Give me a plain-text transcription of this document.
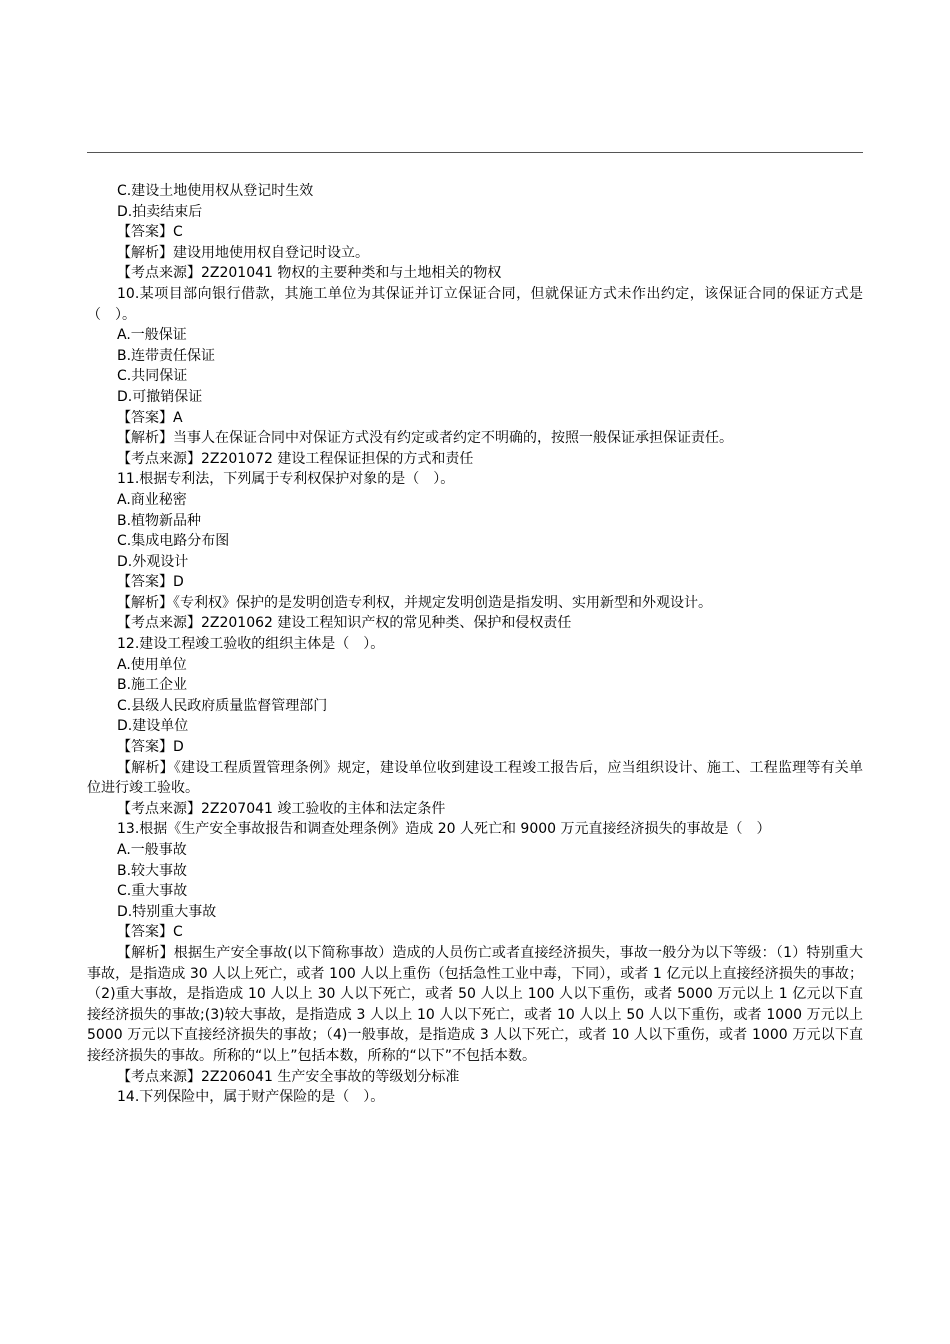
C.建设土地使用权从登记时生效
D.拍卖结束后
【答案】C
【解析】建设用地使用权自登记时设立。
【考点来源】2Z201041 物权的主要种类和与土地相关的物权
10.某项目部向银行借款，其施工单位为其保证并订立保证合同，但就保证方式未作出约定，该保证合同的保证方式是（　）。
A.一般保证
B.连带责任保证
C.共同保证
D.可撤销保证
【答案】A
【解析】当事人在保证合同中对保证方式没有约定或者约定不明确的，按照一般保证承担保证责任。
【考点来源】2Z201072 建设工程保证担保的方式和责任
11.根据专利法，下列属于专利权保护对象的是（　）。
A.商业秘密
B.植物新品种
C.集成电路分布图
D.外观设计
【答案】D
【解析】《专利权》保护的是发明创造专利权，并规定发明创造是指发明、实用新型和外观设计。
【考点来源】2Z201062 建设工程知识产权的常见种类、保护和侵权责任
12.建设工程竣工验收的组织主体是（　）。
A.使用单位
B.施工企业
C.县级人民政府质量监督管理部门
D.建设单位
【答案】D
【解析】《建设工程质置管理条例》规定，建设单位收到建设工程竣工报告后，应当组织设计、施工、工程监理等有关单位进行竣工验收。
【考点来源】2Z207041 竣工验收的主体和法定条件
13.根据《生产安全事故报告和调查处理条例》造成 20 人死亡和 9000 万元直接经济损失的事故是（　）
A.一般事故
B.较大事故
C.重大事故
D.特别重大事故
【答案】C
【解析】根据生产安全事故(以下简称事故）造成的人员伤亡或者直接经济损失，事故一般分为以下等级：（1）特别重大事故，是指造成 30 人以上死亡，或者 100 人以上重伤（包括急性工业中毒，下同），或者 1 亿元以上直接经济损失的事故；（2)重大事故，是指造成 10 人以上 30 人以下死亡，或者 50 人以上 100 人以下重伤，或者 5000 万元以上 1 亿元以下直接经济损失的事故;(3)较大事故，是指造成 3 人以上 10 人以下死亡，或者 10 人以上 50 人以下重伤，或者 1000 万元以上 5000 万元以下直接经济损失的事故；（4)一般事故，是指造成 3 人以下死亡，或者 10 人以下重伤，或者 1000 万元以下直接经济损失的事故。所称的“以上”包括本数，所称的“以下”不包括本数。
【考点来源】2Z206041 生产安全事故的等级划分标准
14.下列保险中，属于财产保险的是（　）。
